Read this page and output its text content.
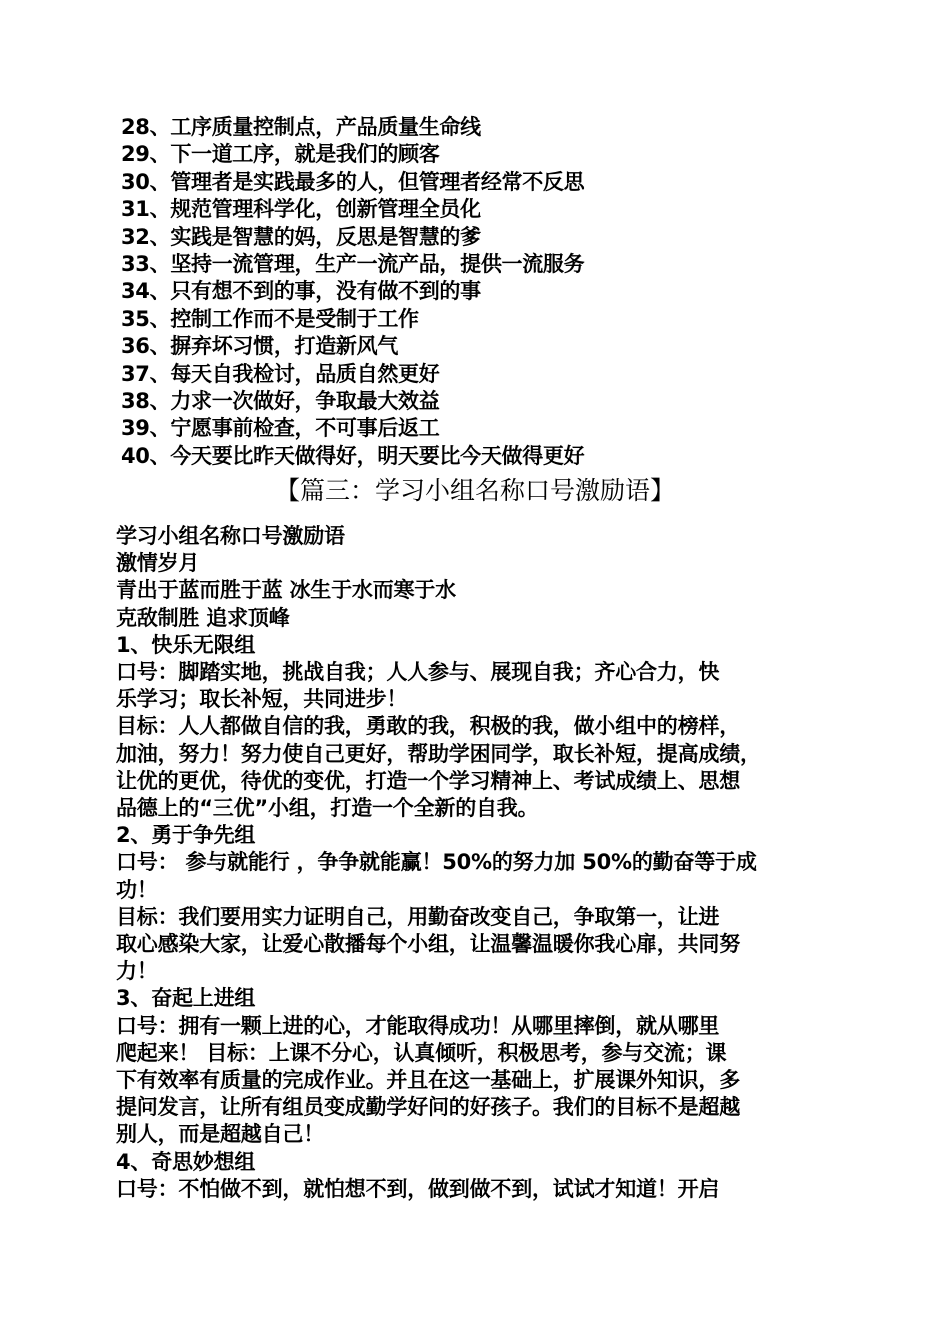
28、工序质量控制点，产品质量生命线
29、下一道工序，就是我们的顾客
30、管理者是实践最多的人，但管理者经常不反思
31、规范管理科学化，创新管理全员化
32、实践是智慧的妈，反思是智慧的爹
33、坚持一流管理，生产一流产品，提供一流服务
34、只有想不到的事，没有做不到的事
35、控制工作而不是受制于工作
36、摒弃坏习惯，打造新风气
37、每天自我检讨，品质自然更好
38、力求一次做好，争取最大效益
39、宁愿事前检查，不可事后返工
40、今天要比昨天做得好，明天要比今天做得更好
【篇三：学习小组名称口号激励语】
学习小组名称口号激励语
激情岁月
青出于蓝而胜于蓝 冰生于水而寒于水
克敌制胜 追求顶峰
1、快乐无限组
口号：脚踏实地，挑战自我；人人参与、展现自我；齐心合力，快
乐学习；取长补短，共同进步！
目标：人人都做自信的我，勇敢的我，积极的我，做小组中的榜样，
加油，努力！努力使自己更好，帮助学困同学，取长补短，提高成绩，
让优的更优，待优的变优，打造一个学习精神上、考试成绩上、思想
品德上的“三优”小组，打造一个全新的自我。
2、勇于争先组
口号： 参与就能行 ，争争就能赢！50%的努力加 50%的勤奋等于成
功！
目标：我们要用实力证明自己，用勤奋改变自己，争取第一，让进
取心感染大家，让爱心散播每个小组，让温馨温暖你我心扉，共同努
力！
3、奋起上进组
口号：拥有一颗上进的心，才能取得成功！从哪里摔倒，就从哪里
爬起来！ 目标：上课不分心，认真倾听，积极思考，参与交流；课
下有效率有质量的完成作业。并且在这一基础上，扩展课外知识，多
提问发言，让所有组员变成勤学好问的好孩子。我们的目标不是超越
别人，而是超越自己！
4、奇思妙想组
口号：不怕做不到，就怕想不到，做到做不到，试试才知道！开启
